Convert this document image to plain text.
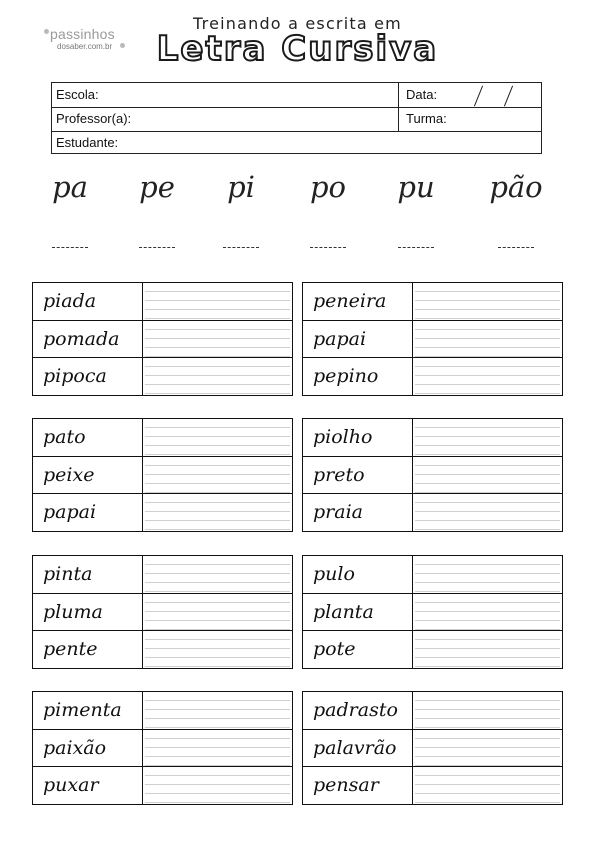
passinhos
dosaber.com.br
Treinando a escrita em
Letra Cursiva
Escola:	Data:
Professor(a):	Turma:
Estudante:
pa	pe	pi	po	pu	pão
piada
pomada
pipoca
peneira
papai
pepino
pato
peixe
papai
piolho
preto
praia
pinta
pluma
pente
pulo
planta
pote
pimenta
paixão
puxar
padrasto
palavrão
pensar
